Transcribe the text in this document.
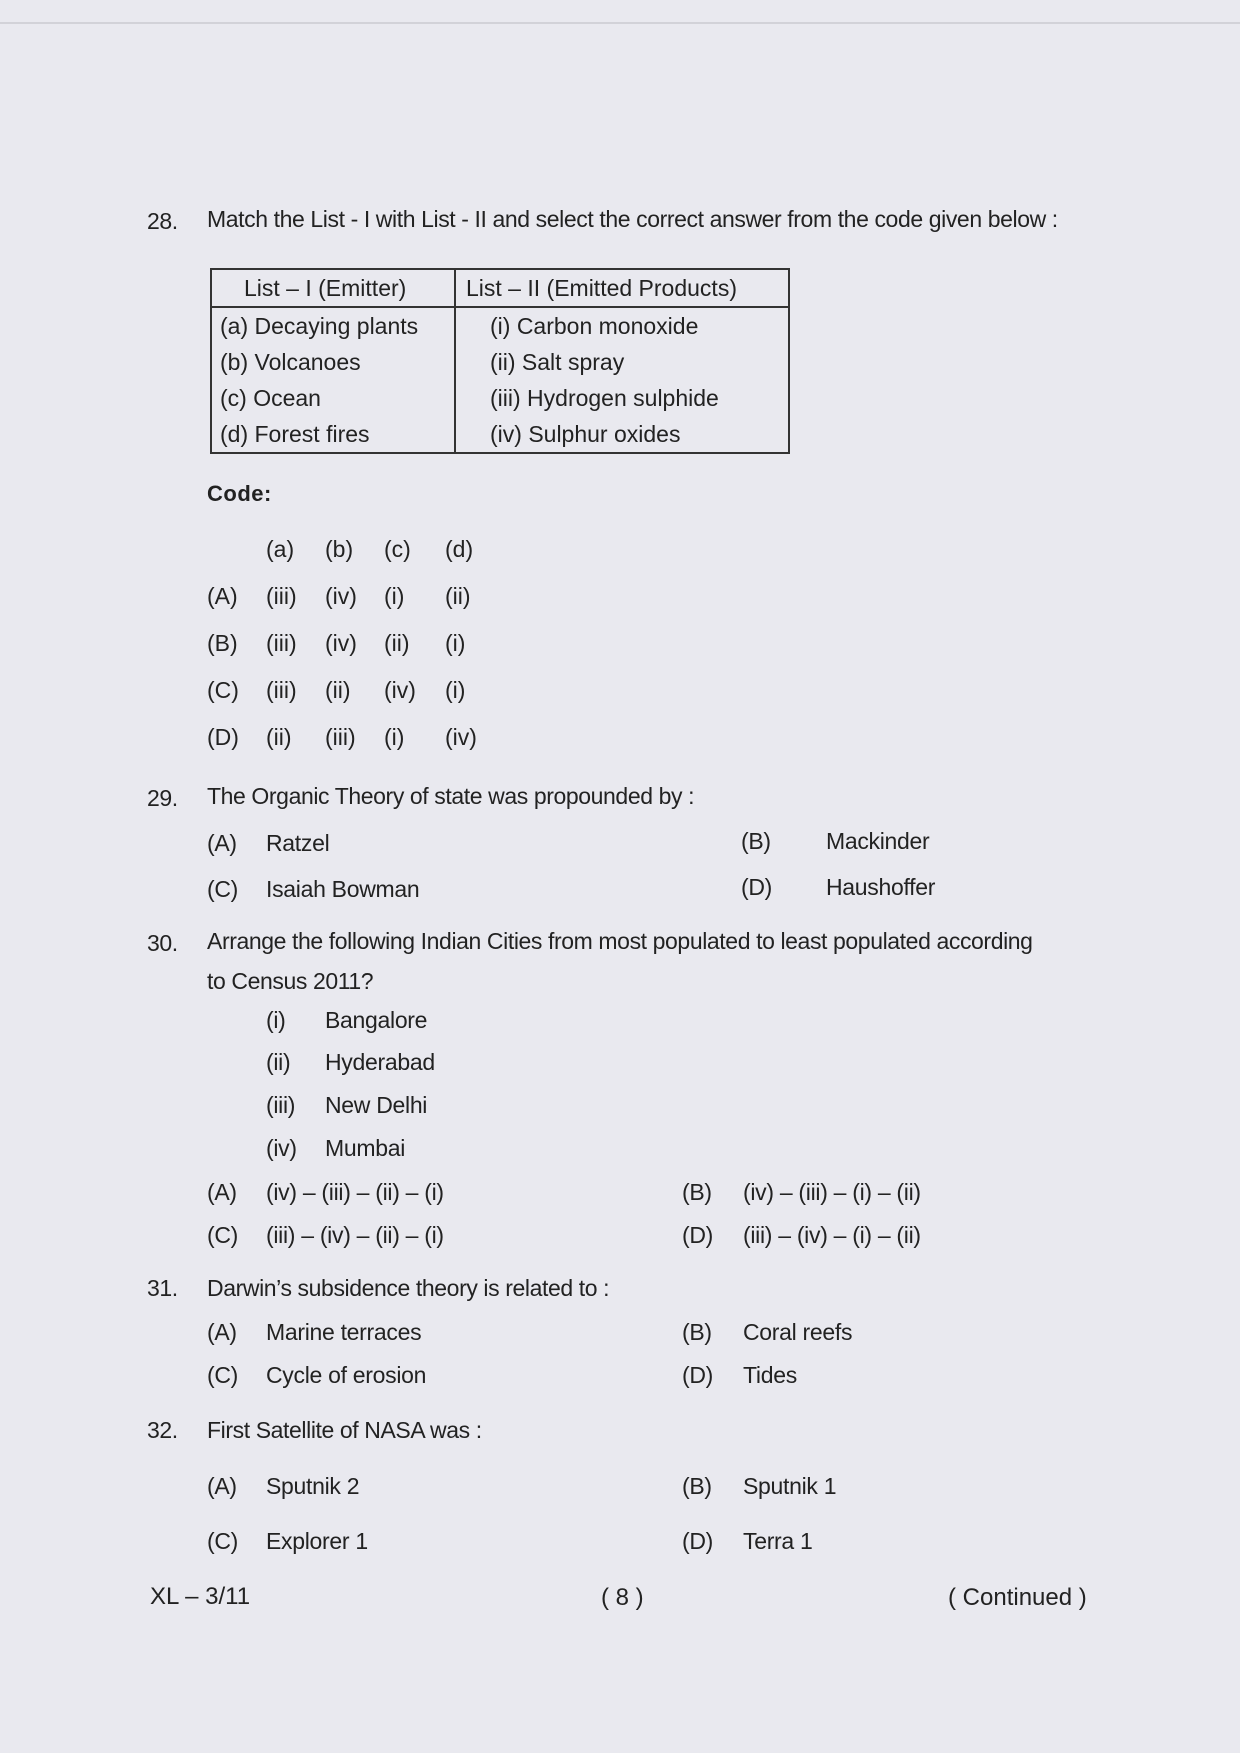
28. Match the List - I with List - II and select the correct answer from the code given below :
List – I (Emitter)	List – II (Emitted Products)
(a) Decaying plants	(i) Carbon monoxide
(b) Volcanoes	(ii) Salt spray
(c) Ocean	(iii) Hydrogen sulphide
(d) Forest fires	(iv) Sulphur oxides
Code:
(a) (b) (c) (d)
(A) (iii) (iv) (i) (ii)
(B) (iii) (iv) (ii) (i)
(C) (iii) (ii) (iv) (i)
(D) (ii) (iii) (i) (iv)
29. The Organic Theory of state was propounded by :
(A) Ratzel	(B) Mackinder
(C) Isaiah Bowman	(D) Haushoffer
30. Arrange the following Indian Cities from most populated to least populated according
to Census 2011?
(i) Bangalore
(ii) Hyderabad
(iii) New Delhi
(iv) Mumbai
(A) (iv) – (iii) – (ii) – (i)	(B) (iv) – (iii) – (i) – (ii)
(C) (iii) – (iv) – (ii) – (i)	(D) (iii) – (iv) – (i) – (ii)
31. Darwin’s subsidence theory is related to :
(A) Marine terraces	(B) Coral reefs
(C) Cycle of erosion	(D) Tides
32. First Satellite of NASA was :
(A) Sputnik 2	(B) Sputnik 1
(C) Explorer 1	(D) Terra 1
XL – 3/11	( 8 )	( Continued )
